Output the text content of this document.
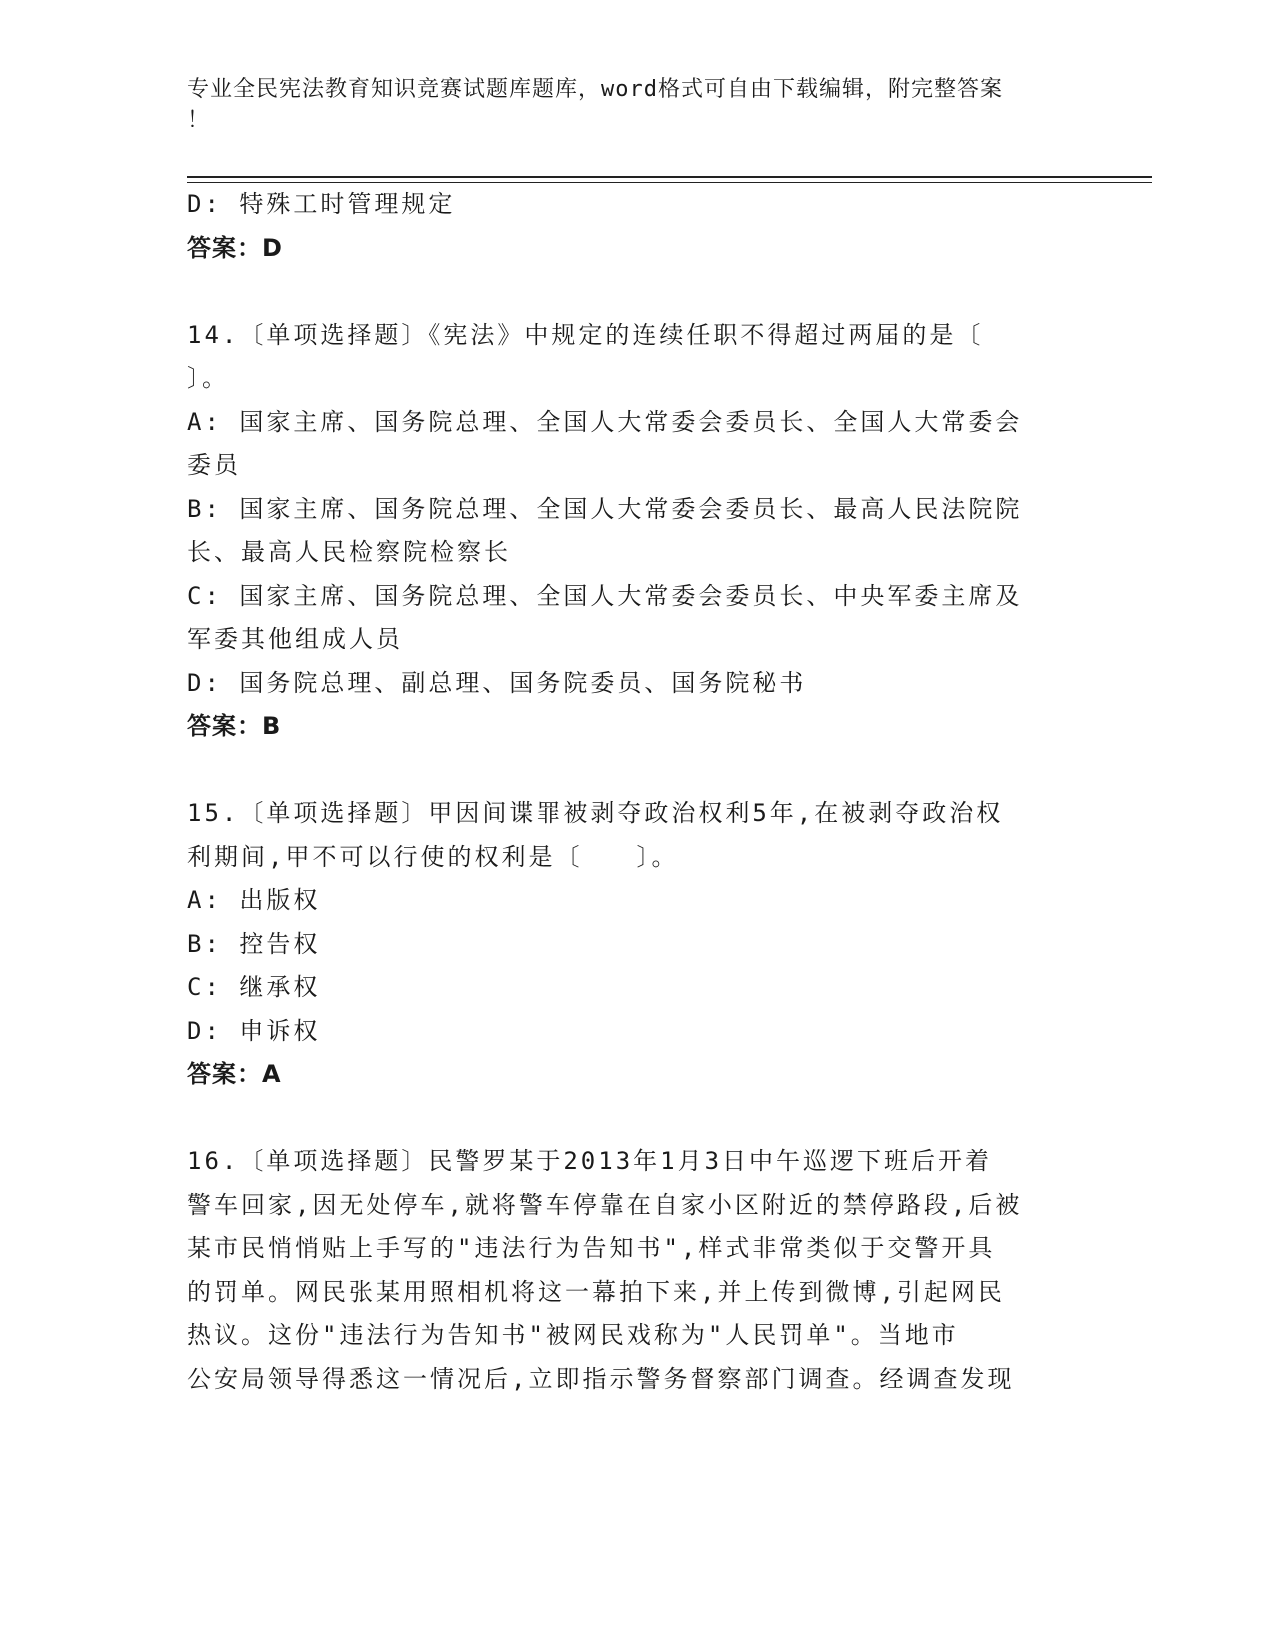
专业全民宪法教育知识竞赛试题库题库，word格式可自由下载编辑，附完整答案
！
D: 特殊工时管理规定
答案：D
14.〔单项选择题〕《宪法》中规定的连续任职不得超过两届的是〔
〕。
A: 国家主席、国务院总理、全国人大常委会委员长、全国人大常委会
委员
B: 国家主席、国务院总理、全国人大常委会委员长、最高人民法院院
长、最高人民检察院检察长
C: 国家主席、国务院总理、全国人大常委会委员长、中央军委主席及
军委其他组成人员
D: 国务院总理、副总理、国务院委员、国务院秘书
答案：B
15.〔单项选择题〕甲因间谍罪被剥夺政治权利5年,在被剥夺政治权
利期间,甲不可以行使的权利是〔　　〕。
A: 出版权
B: 控告权
C: 继承权
D: 申诉权
答案：A
16.〔单项选择题〕民警罗某于2013年1月3日中午巡逻下班后开着
警车回家,因无处停车,就将警车停靠在自家小区附近的禁停路段,后被
某市民悄悄贴上手写的"违法行为告知书",样式非常类似于交警开具
的罚单。网民张某用照相机将这一幕拍下来,并上传到微博,引起网民
热议。这份"违法行为告知书"被网民戏称为"人民罚单"。当地市
公安局领导得悉这一情况后,立即指示警务督察部门调查。经调查发现
